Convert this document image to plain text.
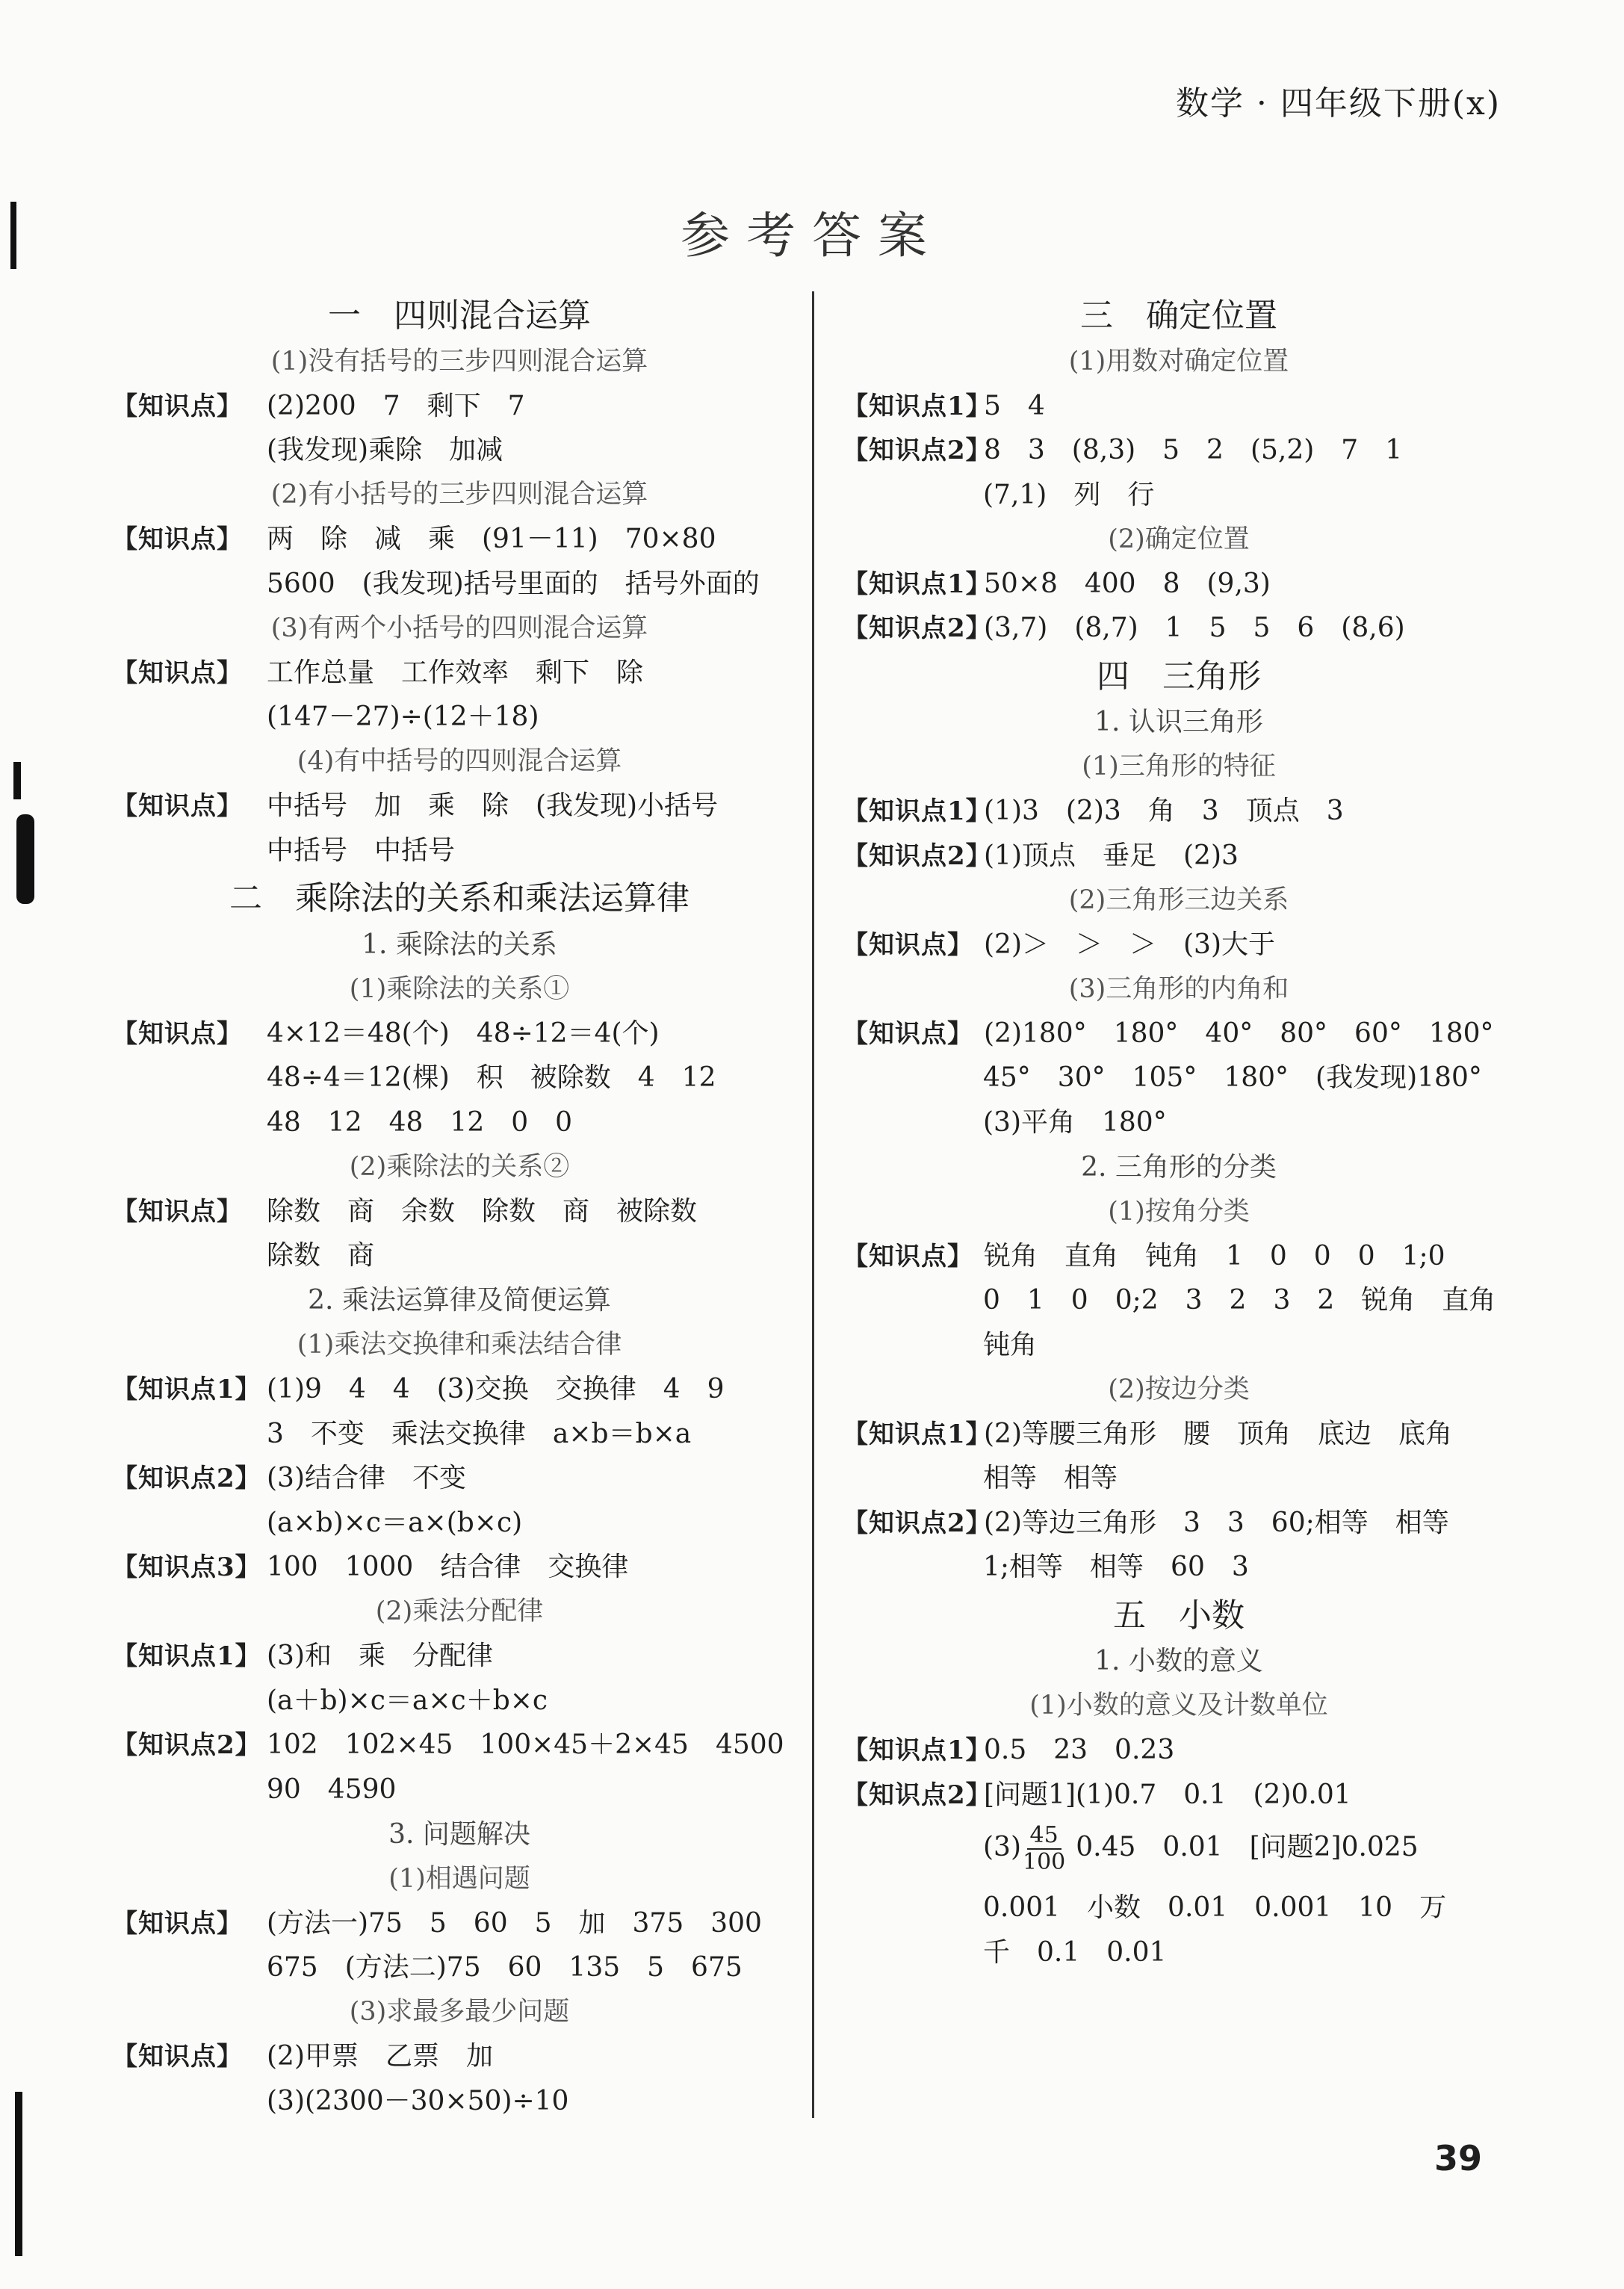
数学 · 四年级下册(x)
参考答案
一　四则混合运算
(1)没有括号的三步四则混合运算
【知识点】 (2)200　7　剩下　7
(我发现)乘除　加减
(2)有小括号的三步四则混合运算
【知识点】 两　除　减　乘　(91－11)　70×80
5600　(我发现)括号里面的　括号外面的
(3)有两个小括号的四则混合运算
【知识点】 工作总量　工作效率　剩下　除
(147－27)÷(12＋18)
(4)有中括号的四则混合运算
【知识点】 中括号　加　乘　除　(我发现)小括号
中括号　中括号
二　乘除法的关系和乘法运算律
1. 乘除法的关系
(1)乘除法的关系①
【知识点】 4×12＝48(个)　48÷12＝4(个)
48÷4＝12(棵)　积　被除数　4　12
48　12　48　12　0　0
(2)乘除法的关系②
【知识点】 除数　商　余数　除数　商　被除数
除数　商
2. 乘法运算律及简便运算
(1)乘法交换律和乘法结合律
【知识点1】 (1)9　4　4　(3)交换　交换律　4　9
3　不变　乘法交换律　a×b＝b×a
【知识点2】 (3)结合律　不变
(a×b)×c＝a×(b×c)
【知识点3】 100　1000　结合律　交换律
(2)乘法分配律
【知识点1】 (3)和　乘　分配律
(a＋b)×c＝a×c＋b×c
【知识点2】 102　102×45　100×45＋2×45　4500
90　4590
3. 问题解决
(1)相遇问题
【知识点】 (方法一)75　5　60　5　加　375　300
675　(方法二)75　60　135　5　675
(3)求最多最少问题
【知识点】 (2)甲票　乙票　加
(3)(2300－30×50)÷10
三　确定位置
(1)用数对确定位置
【知识点1】
5　4
【知识点2】
8　3　(8,3)　5　2　(5,2)　7　1
(7,1)　列　行
(2)确定位置
【知识点1】
50×8　400　8　(9,3)
【知识点2】
(3,7)　(8,7)　1　5　5　6　(8,6)
四　三角形
1. 认识三角形
(1)三角形的特征
【知识点1】
(1)3　(2)3　角　3　顶点　3
【知识点2】
(1)顶点　垂足　(2)3
(2)三角形三边关系
【知识点】 (2)＞　＞　＞　(3)大于
(3)三角形的内角和
【知识点】 (2)180°　180°　40°　80°　60°　180°
45°　30°　105°　180°　(我发现)180°
(3)平角　180°
2. 三角形的分类
(1)按角分类
【知识点】 锐角　直角　钝角　1　0　0　0　1;0
0　1　0　0;2　3　2　3　2　锐角　直角
钝角
(2)按边分类
【知识点1】
(2)等腰三角形　腰　顶角　底边　底角
相等　相等
【知识点2】
(2)等边三角形　3　3　60;相等　相等
1;相等　相等　60　3
五　小数
1. 小数的意义
(1)小数的意义及计数单位
【知识点1】
0.5　23　0.23
【知识点2】
[问题1](1)0.7　0.1　(2)0.01
$(3) \frac{45}{100} 0.45$　0.01　[问题2]0.025
0.001　小数　0.01　0.001　10　万
千　0.1　0.01
39
